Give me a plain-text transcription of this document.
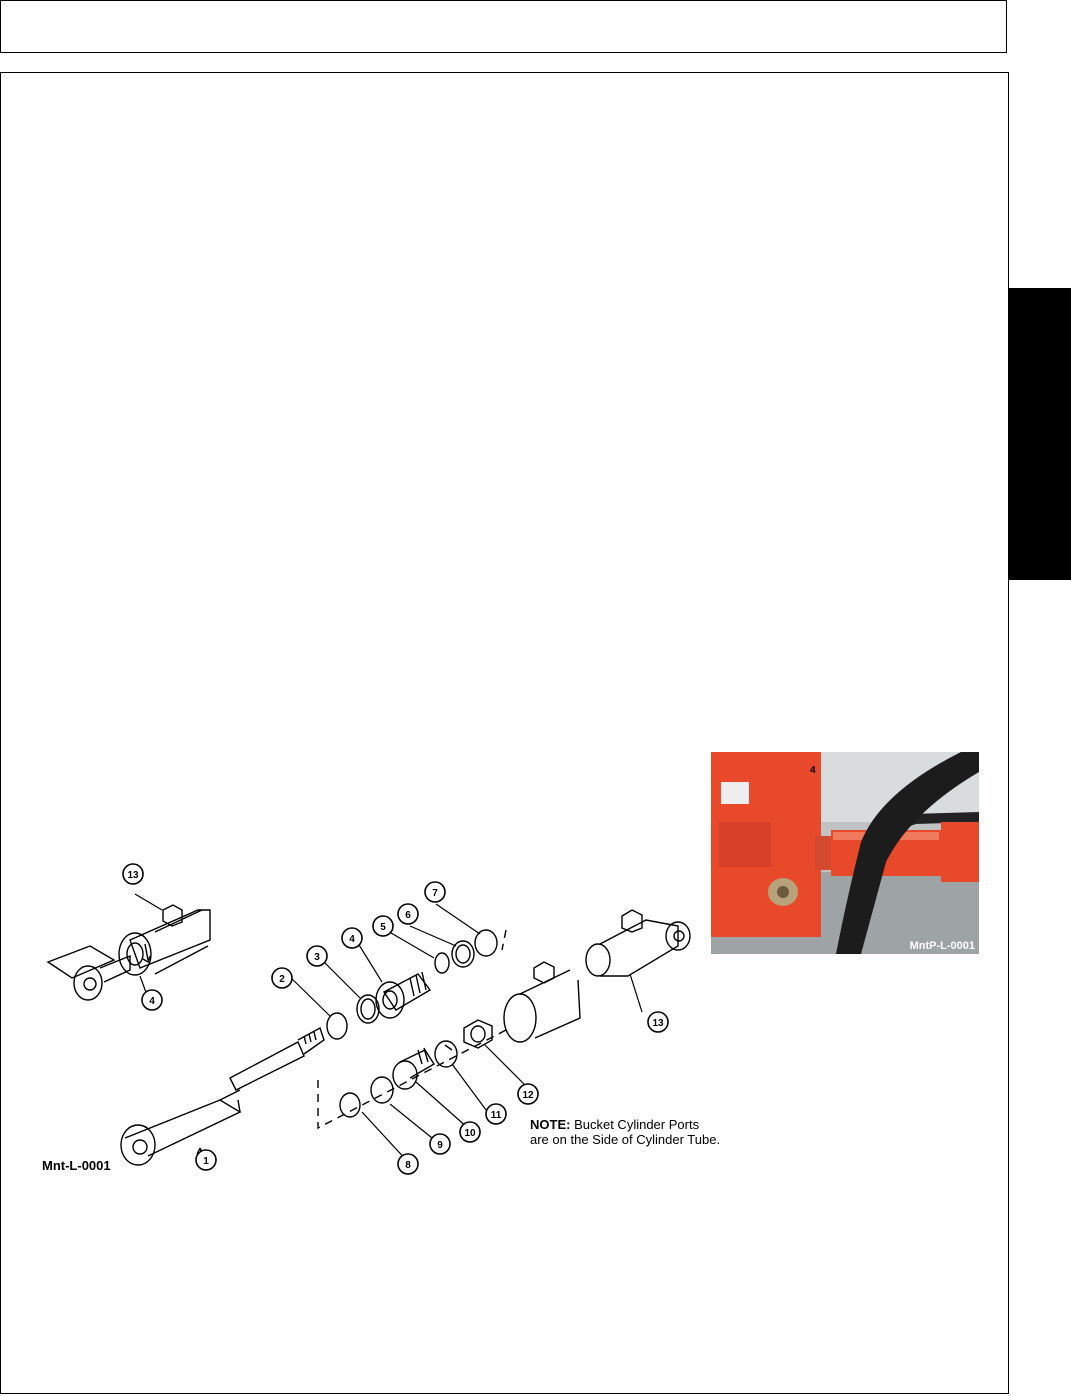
4
MntP-L-0001
1
2
3
4
5
6
7
8
9
10
11
12
13
13
4
Mnt-L-0001
NOTE: Bucket Cylinder Ports
are on the Side of Cylinder Tube.
